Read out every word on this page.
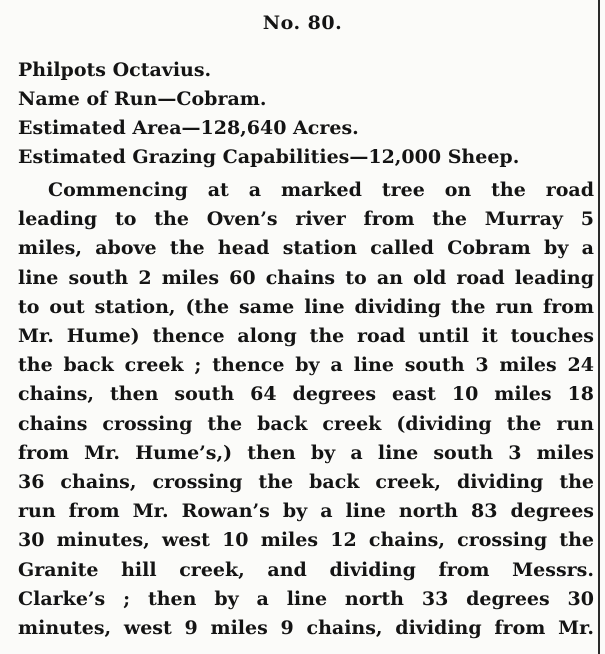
No. 80.
Philpots Octavius.
Name of Run—Cobram.
Estimated Area—128,640 Acres.
Estimated Grazing Capabilities—12,000 Sheep.
Commencing at a marked tree on the road
leading to the Oven’s river from the Murray 5
miles, above the head station called Cobram by a
line south 2 miles 60 chains to an old road leading
to out station, (the same line dividing the run from
Mr. Hume) thence along the road until it touches
the back creek ; thence by a line south 3 miles 24
chains, then south 64 degrees east 10 miles 18
chains crossing the back creek (dividing the run
from Mr. Hume’s,) then by a line south 3 miles
36 chains, crossing the back creek, dividing the
run from Mr. Rowan’s by a line north 83 degrees
30 minutes, west 10 miles 12 chains, crossing the
Granite hill creek, and dividing from Messrs.
Clarke’s ; then by a line north 33 degrees 30
minutes, west 9 miles 9 chains, dividing from Mr.
